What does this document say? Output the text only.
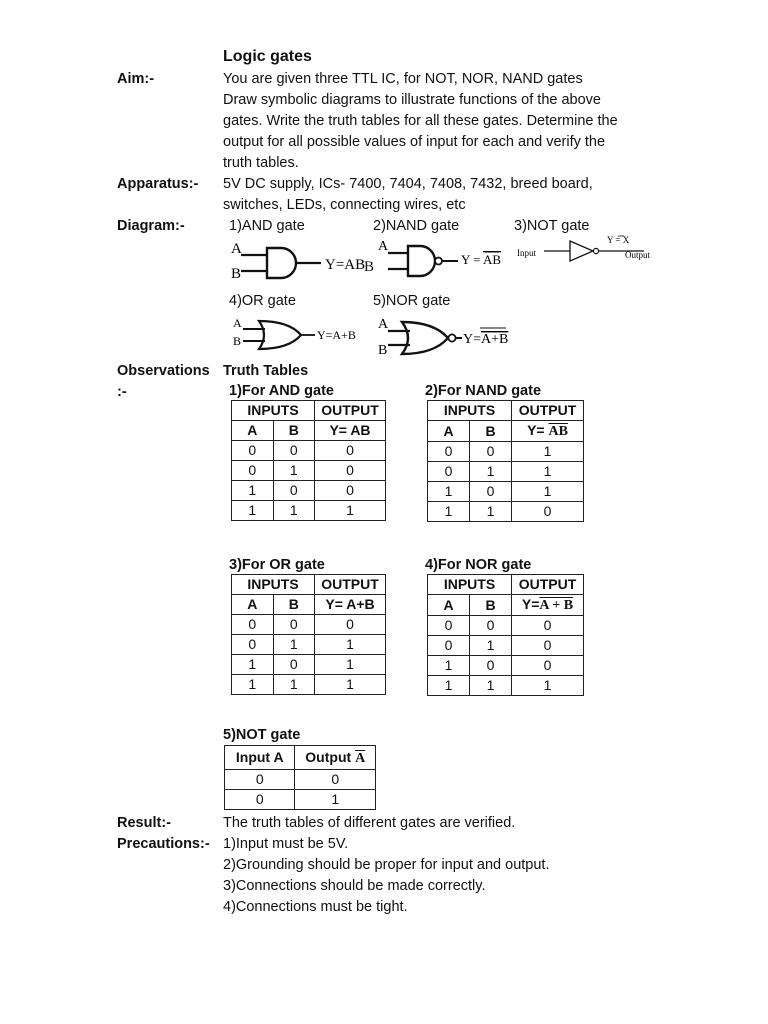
Logic gates
Aim:-	You are given three TTL IC, for NOT, NOR, NAND gates
Draw symbolic diagrams to illustrate functions of the above
gates. Write the truth tables for all these gates. Determine the
output for all possible values of input for each and verify the
truth tables.
Apparatus:- 5V DC supply, ICs- 7400, 7404, 7408, 7432, breed board,
switches, LEDs, connecting wires, etc
Diagram:-	1)AND gate	2)NAND gate	3)NOT gate
A
B
Y=AB
A
Y = AB
B
Input
Y = X
Output
4)OR gate	5)NOR gate
A
B	Y=A+B
A
B
Y=A+B
Observations
:-
Truth Tables
1)For AND gate
INPUTS		OUTPUT
A	B	Y= AB
0	0	0
0	1	0
1	0	0
1	1	1
2)For NAND gate
INPUTS		OUTPUT
A	B	$Y= \overline{AB}$
0	0	1
0	1	1
1	0	1
1	1	0
3)For OR gate
INPUTS		OUTPUT
A	B	Y= A+B
0	0	0
0	1	1
1	0	1
1	1	1
4)For NOR gate
INPUTS		OUTPUT
A	B	Y=A + B
0	0	0
0	1	0
1	0	0
1	1	1
5)NOT gate
Input A	Output $\overline{A}$
0	0
0	1
Result:-	The truth tables of different gates are verified.
Precautions:- 1)Input must be 5V.
2)Grounding should be proper for input and output.
3)Connections should be made correctly.
4)Connections must be tight.
